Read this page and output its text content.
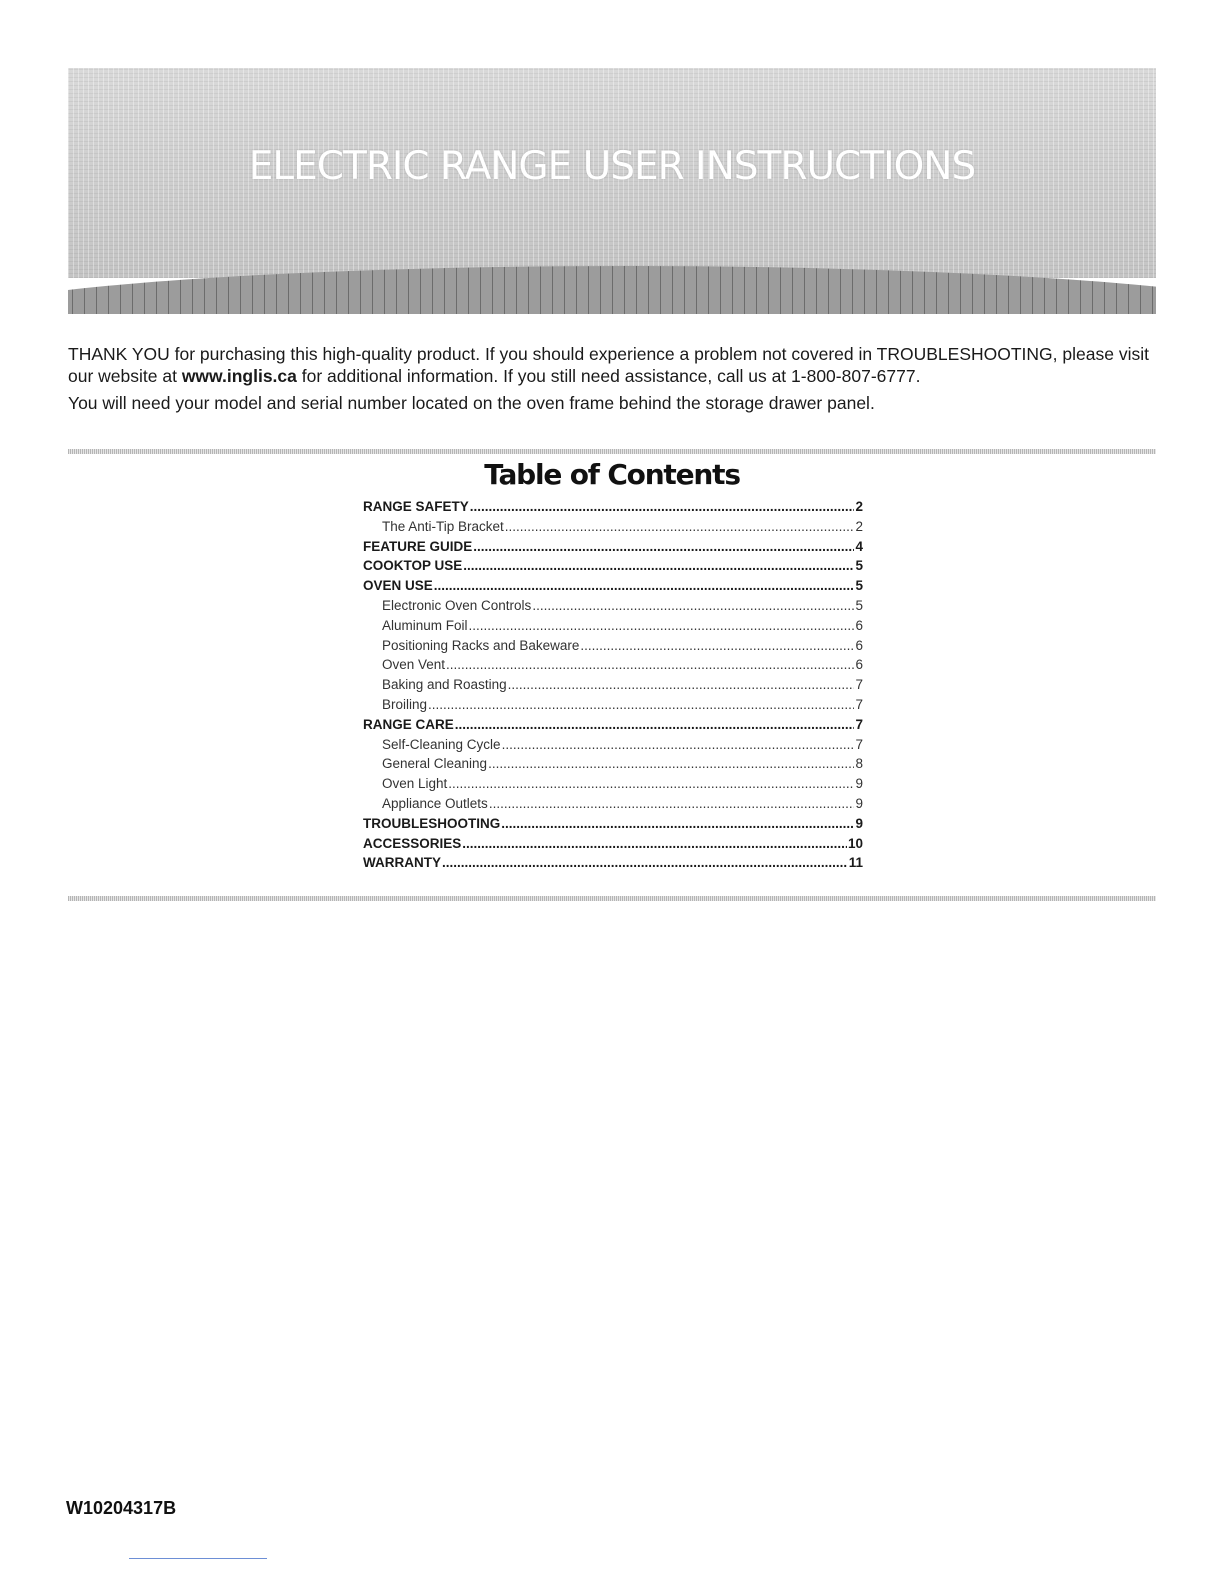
ELECTRIC RANGE USER INSTRUCTIONS

THANK YOU for purchasing this high-quality product. If you should experience a problem not covered in TROUBLESHOOTING, please visit our website at www.inglis.ca for additional information. If you still need assistance, call us at 1-800-807-6777.

You will need your model and serial number located on the oven frame behind the storage drawer panel.

Table of Contents
RANGE SAFETY .....	2
The Anti-Tip Bracket .....	2
FEATURE GUIDE .....	4
COOKTOP USE .....	5
OVEN USE .....	5
Electronic Oven Controls .....	5
Aluminum Foil .....	6
Positioning Racks and Bakeware .....	6
Oven Vent .....	6
Baking and Roasting .....	7
Broiling .....	7
RANGE CARE .....	7
Self-Cleaning Cycle .....	7
General Cleaning .....	8
Oven Light .....	9
Appliance Outlets .....	9
TROUBLESHOOTING .....	9
ACCESSORIES .....	10
WARRANTY .....	11
W10204317B
